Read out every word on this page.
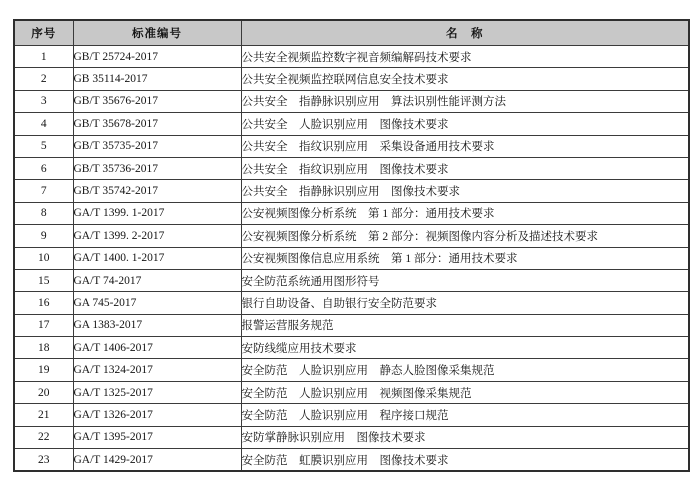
序号	标准编号	名　称
1	GB/T 25724-2017	公共安全视频监控数字视音频编解码技术要求
2	GB 35114-2017	公共安全视频监控联网信息安全技术要求
3	GB/T 35676-2017	公共安全　指静脉识别应用　算法识别性能评测方法
4	GB/T 35678-2017	公共安全　人脸识别应用　图像技术要求
5	GB/T 35735-2017	公共安全　指纹识别应用　采集设备通用技术要求
6	GB/T 35736-2017	公共安全　指纹识别应用　图像技术要求
7	GB/T 35742-2017	公共安全　指静脉识别应用　图像技术要求
8	GA/T 1399. 1-2017	公安视频图像分析系统　第 1 部分：通用技术要求
9	GA/T 1399. 2-2017	公安视频图像分析系统　第 2 部分：视频图像内容分析及描述技术要求
10	GA/T 1400. 1-2017	公安视频图像信息应用系统　第 1 部分：通用技术要求
15	GA/T 74-2017	安全防范系统通用图形符号
16	GA 745-2017	银行自助设备、自助银行安全防范要求
17	GA 1383-2017	报警运营服务规范
18	GA/T 1406-2017	安防线缆应用技术要求
19	GA/T 1324-2017	安全防范　人脸识别应用　静态人脸图像采集规范
20	GA/T 1325-2017	安全防范　人脸识别应用　视频图像采集规范
21	GA/T 1326-2017	安全防范　人脸识别应用　程序接口规范
22	GA/T 1395-2017	安防掌静脉识别应用　图像技术要求
23	GA/T 1429-2017	安全防范　虹膜识别应用　图像技术要求
